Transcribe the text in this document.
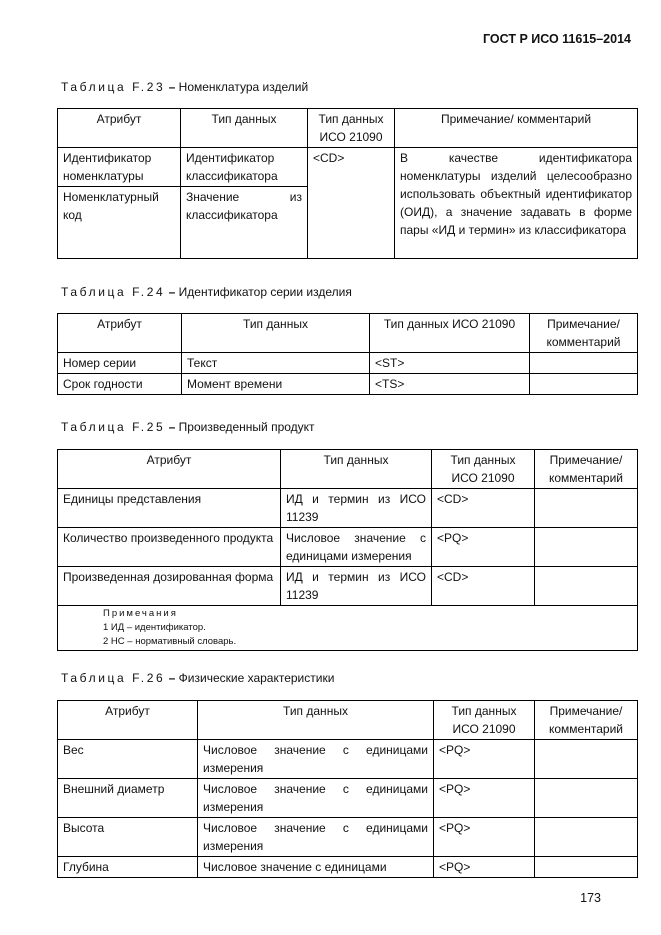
ГОСТ Р ИСО 11615–2014
Таблица F.23 – Номенклатура изделий
Атрибут	Тип данных	Тип данных ИСО 21090	Примечание/ комментарий
Идентификатор номенклатуры	Идентификатор классификатора	<CD>	В качестве идентификатора номенклатуры изделий целесообразно использовать объектный идентификатор (ОИД), а значение задавать в форме пары «ИД и термин» из классификатора
Номенклатурный код	Значение из классификатора		
Таблица F.24 – Идентификатор серии изделия
Атрибут	Тип данных	Тип данных ИСО 21090	Примечание/ комментарий
Номер серии	Текст	<ST>	
Срок годности	Момент времени	<TS>	
Таблица F.25 – Произведенный продукт
Атрибут	Тип данных	Тип данных ИСО 21090	Примечание/ комментарий
Единицы представления	ИД и термин из ИСО 11239	<CD>	
Количество произведенного продукта	Числовое значение с единицами измерения	<PQ>	
Произведенная дозированная форма	ИД и термин из ИСО 11239	<CD>	

Примечания
1 ИД – идентификатор.
2 НС – нормативный словарь.			
Таблица F.26 – Физические характеристики
Атрибут	Тип данных	Тип данных ИСО 21090	Примечание/ комментарий
Вес	Числовое значение с единицами измерения	<PQ>	
Внешний диаметр	Числовое значение с единицами измерения	<PQ>	
Высота	Числовое значение с единицами измерения	<PQ>	
Глубина	Числовое значение с единицами	<PQ>	
173
